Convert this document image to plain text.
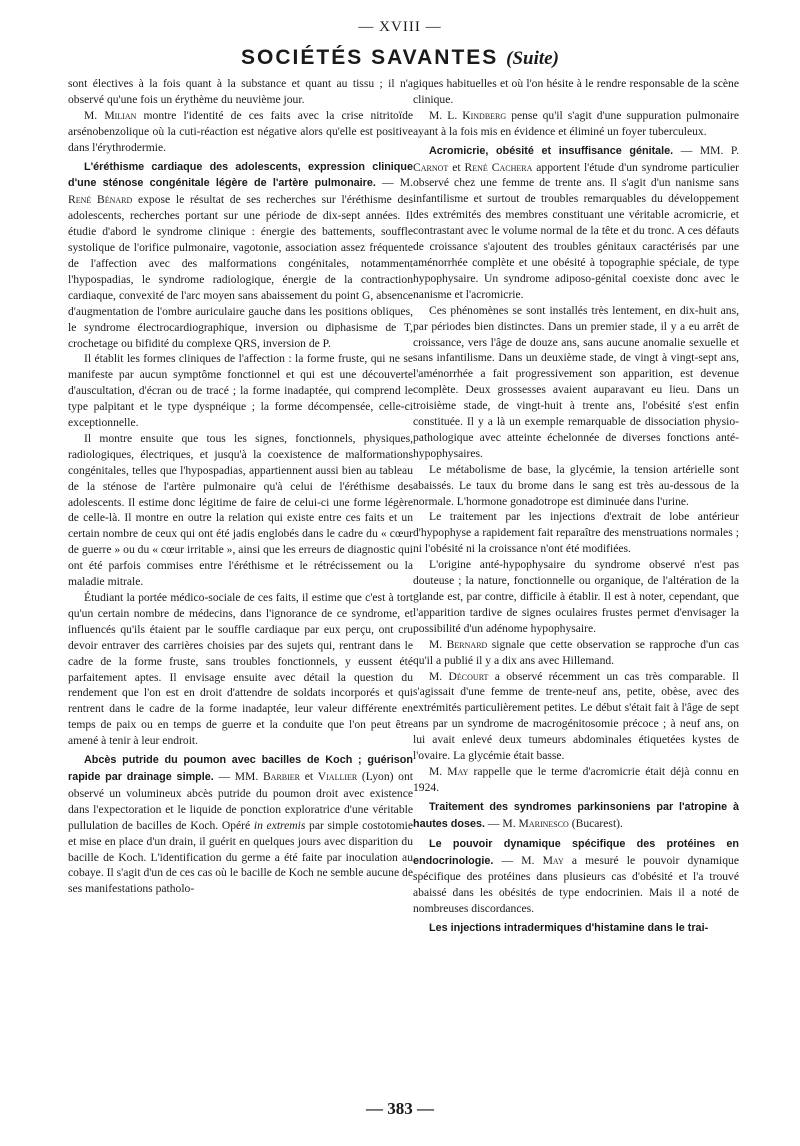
— XVIII —
SOCIÉTÉS SAVANTES (Suite)

sont électives à la fois quant à la substance et quant au tissu ; il n'a observé qu'une fois un érythème du neuvième jour.

M. Milian montre l'identité de ces faits avec la crise nitritoïde arsénobenzolique où la cuti-réaction est négative alors qu'elle est positive dans l'érythrodermie.

L'éréthisme cardiaque des adolescents, expression clinique d'une sténose congénitale légère de l'artère pulmonaire. — M. René Bénard expose le résultat de ses recherches sur l'éréthisme des adolescents, recherches portant sur une période de dix-sept années. Il étudie d'abord le syndrome clinique : énergie des battements, souffle systolique de l'orifice pulmonaire, vagotonie, association assez fréquente de l'affection avec des malformations congénitales, notamment l'hypospadias, le syndrome radiologique, énergie de la contraction cardiaque, convexité de l'arc moyen sans abaissement du point G, absence d'augmentation de l'ombre auriculaire gauche dans les positions obliques, le syndrome électrocardiographique, inversion ou diphasisme de T, crochetage ou bifidité du complexe QRS, inversion de P.

Il établit les formes cliniques de l'affection : la forme fruste, qui ne se manifeste par aucun symptôme fonctionnel et qui est une découverte d'auscultation, d'écran ou de tracé ; la forme inadaptée, qui comprend le type palpitant et le type dyspnéique ; la forme décompensée, celle-ci exceptionnelle.

Il montre ensuite que tous les signes, fonctionnels, physiques, radiologiques, électriques, et jusqu'à la coexistence de malformations congénitales, telles que l'hypospadias, appartiennent aussi bien au tableau de la sténose de l'artère pulmonaire qu'à celui de l'éréthisme des adolescents. Il estime donc légitime de faire de celui-ci une forme légère de celle-là. Il montre en outre la relation qui existe entre ces faits et un certain nombre de ceux qui ont été jadis englobés dans le cadre du « cœur de guerre » ou du « cœur irritable », ainsi que les erreurs de diagnostic qui ont été parfois commises entre l'éréthisme et le rétrécissement ou la maladie mitrale.

Étudiant la portée médico-sociale de ces faits, il estime que c'est à tort qu'un certain nombre de médecins, dans l'ignorance de ce syndrome, et influencés qu'ils étaient par le souffle cardiaque par eux perçu, ont cru devoir entraver des carrières choisies par des sujets qui, rentrant dans le cadre de la forme fruste, sans troubles fonctionnels, y eussent été parfaitement aptes. Il envisage ensuite avec détail la question du rendement que l'on est en droit d'attendre de soldats incorporés et qui rentrent dans le cadre de la forme inadaptée, leur valeur différente en temps de paix ou en temps de guerre et la conduite que l'on peut être amené à tenir à leur endroit.

Abcès putride du poumon avec bacilles de Koch ; guérison rapide par drainage simple. — MM. Barbier et Viallier (Lyon) ont observé un volumineux abcès putride du poumon droit avec existence dans l'expectoration et le liquide de ponction exploratrice d'une véritable pullulation de bacilles de Koch. Opéré in extremis par simple costotomie et mise en place d'un drain, il guérit en quelques jours avec disparition du bacille de Koch. L'identification du germe a été faite par inoculation au cobaye. Il s'agit d'un de ces cas où le bacille de Koch ne semble aucune de ses manifestations patholo-

giques habituelles et où l'on hésite à le rendre responsable de la scène clinique.

M. L. Kindberg pense qu'il s'agit d'une suppuration pulmonaire ayant à la fois mis en évidence et éliminé un foyer tuberculeux.

Acromicrie, obésité et insuffisance génitale. — MM. P. Carnot et René Cachera apportent l'étude d'un syndrome particulier observé chez une femme de trente ans. Il s'agit d'un nanisme sans infantilisme et surtout de troubles remarquables du développement des extrémités des membres constituant une véritable acromicrie, et contrastant avec le volume normal de la tête et du tronc. A ces défauts de croissance s'ajoutent des troubles génitaux caractérisés par une aménorrhée complète et une obésité à topographie spéciale, de type hypophysaire. Un syndrome adiposo-génital coexiste donc avec le nanisme et l'acromicrie.

Ces phénomènes se sont installés très lentement, en dix-huit ans, par périodes bien distinctes. Dans un premier stade, il y a eu arrêt de croissance, vers l'âge de douze ans, sans aucune anomalie sexuelle et sans infantilisme. Dans un deuxième stade, de vingt à vingt-sept ans, l'aménorrhée a fait progressivement son apparition, est devenue complète. Deux grossesses avaient auparavant eu lieu. Dans un troisième stade, de vingt-huit à trente ans, l'obésité s'est enfin constituée. Il y a là un exemple remarquable de dissociation physio-pathologique avec atteinte échelonnée de diverses fonctions anté-hypophysaires.

Le métabolisme de base, la glycémie, la tension artérielle sont abaissés. Le taux du brome dans le sang est très au-dessous de la normale. L'hormone gonadotrope est diminuée dans l'urine.

Le traitement par les injections d'extrait de lobe antérieur d'hypophyse a rapidement fait reparaître des menstruations normales ; ni l'obésité ni la croissance n'ont été modifiées.

L'origine anté-hypophysaire du syndrome observé n'est pas douteuse ; la nature, fonctionnelle ou organique, de l'altération de la glande est, par contre, difficile à établir. Il est à noter, cependant, que l'apparition tardive de signes oculaires frustes permet d'envisager la possibilité d'un adénome hypophysaire.

M. Bernard signale que cette observation se rapproche d'un cas qu'il a publié il y a dix ans avec Hillemand.

M. Décourt a observé récemment un cas très comparable. Il s'agissait d'une femme de trente-neuf ans, petite, obèse, avec des extrémités particulièrement petites. Le début s'était fait à l'âge de sept ans par un syndrome de macrogénitosomie précoce ; à neuf ans, on lui avait enlevé deux tumeurs abdominales étiquetées kystes de l'ovaire. La glycémie était basse.

M. May rappelle que le terme d'acromicrie était déjà connu en 1924.

Traitement des syndromes parkinsoniens par l'atropine à hautes doses. — M. Marinesco (Bucarest).

Le pouvoir dynamique spécifique des protéines en endocrinologie. — M. May a mesuré le pouvoir dynamique spécifique des protéines dans plusieurs cas d'obésité et l'a trouvé abaissé dans les obésités de type endocrinien. Mais il a noté de nombreuses discordances.

Les injections intradermiques d'histamine dans le trai-

— 383 —
